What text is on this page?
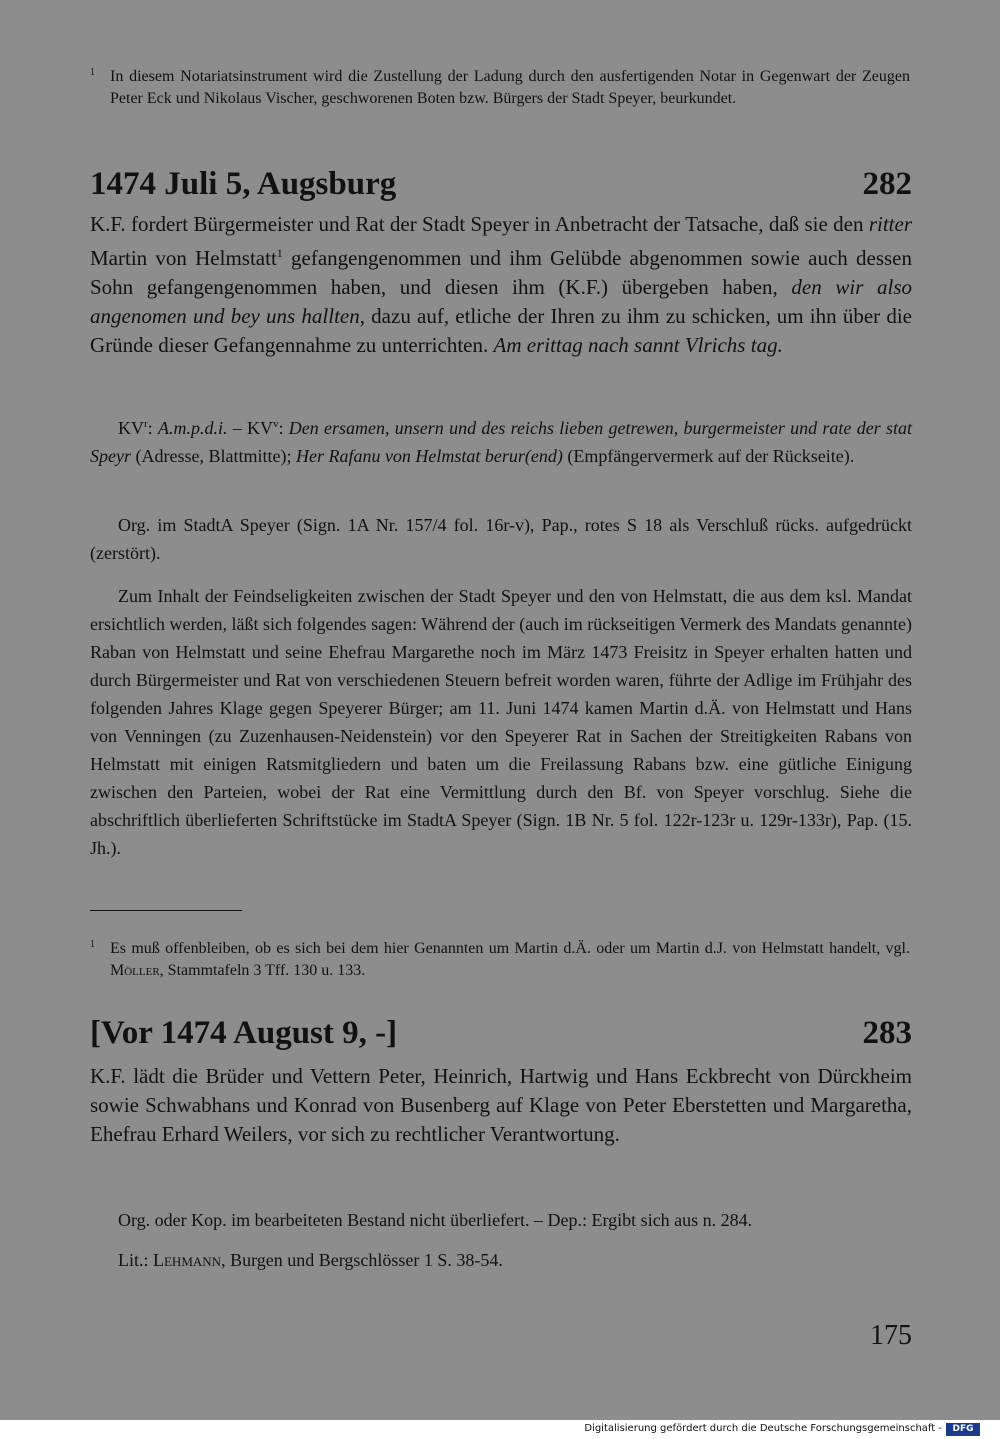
1 In diesem Notariatsinstrument wird die Zustellung der Ladung durch den ausfertigenden Notar in Gegenwart der Zeugen Peter Eck und Nikolaus Vischer, geschworenen Boten bzw. Bürgers der Stadt Speyer, beurkundet.
1474 Juli 5, Augsburg	282
K.F. fordert Bürgermeister und Rat der Stadt Speyer in Anbetracht der Tatsache, daß sie den ritter Martin von Helmstatt$^1$ gefangengenommen und ihm Gelübde abgenommen sowie auch dessen Sohn gefangengenommen haben, und diesen ihm (K.F.) übergeben haben, den wir also angenomen und bey uns hallten, dazu auf, etliche der Ihren zu ihm zu schicken, um ihn über die Gründe dieser Gefangennahme zu unterrichten. Am erittag nach sannt Vlrichs tag.
$KV^r$: A.m.p.d.i. – $KV^v$: Den ersamen, unsern und des reichs lieben getrewen, burgermeister und rate der stat Speyr (Adresse, Blattmitte); Her Rafanu von Helmstat berur(end) (Empfängervermerk auf der Rückseite).
Org. im StadtA Speyer (Sign. 1A Nr. 157/4 fol. 16r-v), Pap., rotes S 18 als Verschluß rücks. aufgedrückt (zerstört).
Zum Inhalt der Feindseligkeiten zwischen der Stadt Speyer und den von Helmstatt, die aus dem ksl. Mandat ersichtlich werden, läßt sich folgendes sagen: Während der (auch im rückseitigen Vermerk des Mandats genannte) Raban von Helmstatt und seine Ehefrau Margarethe noch im März 1473 Freisitz in Speyer erhalten hatten und durch Bürgermeister und Rat von verschiedenen Steuern befreit worden waren, führte der Adlige im Frühjahr des folgenden Jahres Klage gegen Speyerer Bürger; am 11. Juni 1474 kamen Martin d.Ä. von Helmstatt und Hans von Venningen (zu Zuzenhausen-Neidenstein) vor den Speyerer Rat in Sachen der Streitigkeiten Rabans von Helmstatt mit einigen Ratsmitgliedern und baten um die Freilassung Rabans bzw. eine gütliche Einigung zwischen den Parteien, wobei der Rat eine Vermittlung durch den Bf. von Speyer vorschlug. Siehe die abschriftlich überlieferten Schriftstücke im StadtA Speyer (Sign. 1B Nr. 5 fol. 122r-123r u. 129r-133r), Pap. (15. Jh.).
1 Es muß offenbleiben, ob es sich bei dem hier Genannten um Martin d.Ä. oder um Martin d.J. von Helmstatt handelt, vgl. Möller, Stammtafeln 3 Tff. 130 u. 133.
[Vor 1474 August 9, -]	283
K.F. lädt die Brüder und Vettern Peter, Heinrich, Hartwig und Hans Eckbrecht von Dürckheim sowie Schwabhans und Konrad von Busenberg auf Klage von Peter Eberstetten und Margaretha, Ehefrau Erhard Weilers, vor sich zu rechtlicher Verantwortung.
Org. oder Kop. im bearbeiteten Bestand nicht überliefert. – Dep.: Ergibt sich aus n. 284.
Lit.: Lehmann, Burgen und Bergschlösser 1 S. 38-54.
175
Digitalisierung gefördert durch die Deutsche Forschungsgemeinschaft -	DFG
